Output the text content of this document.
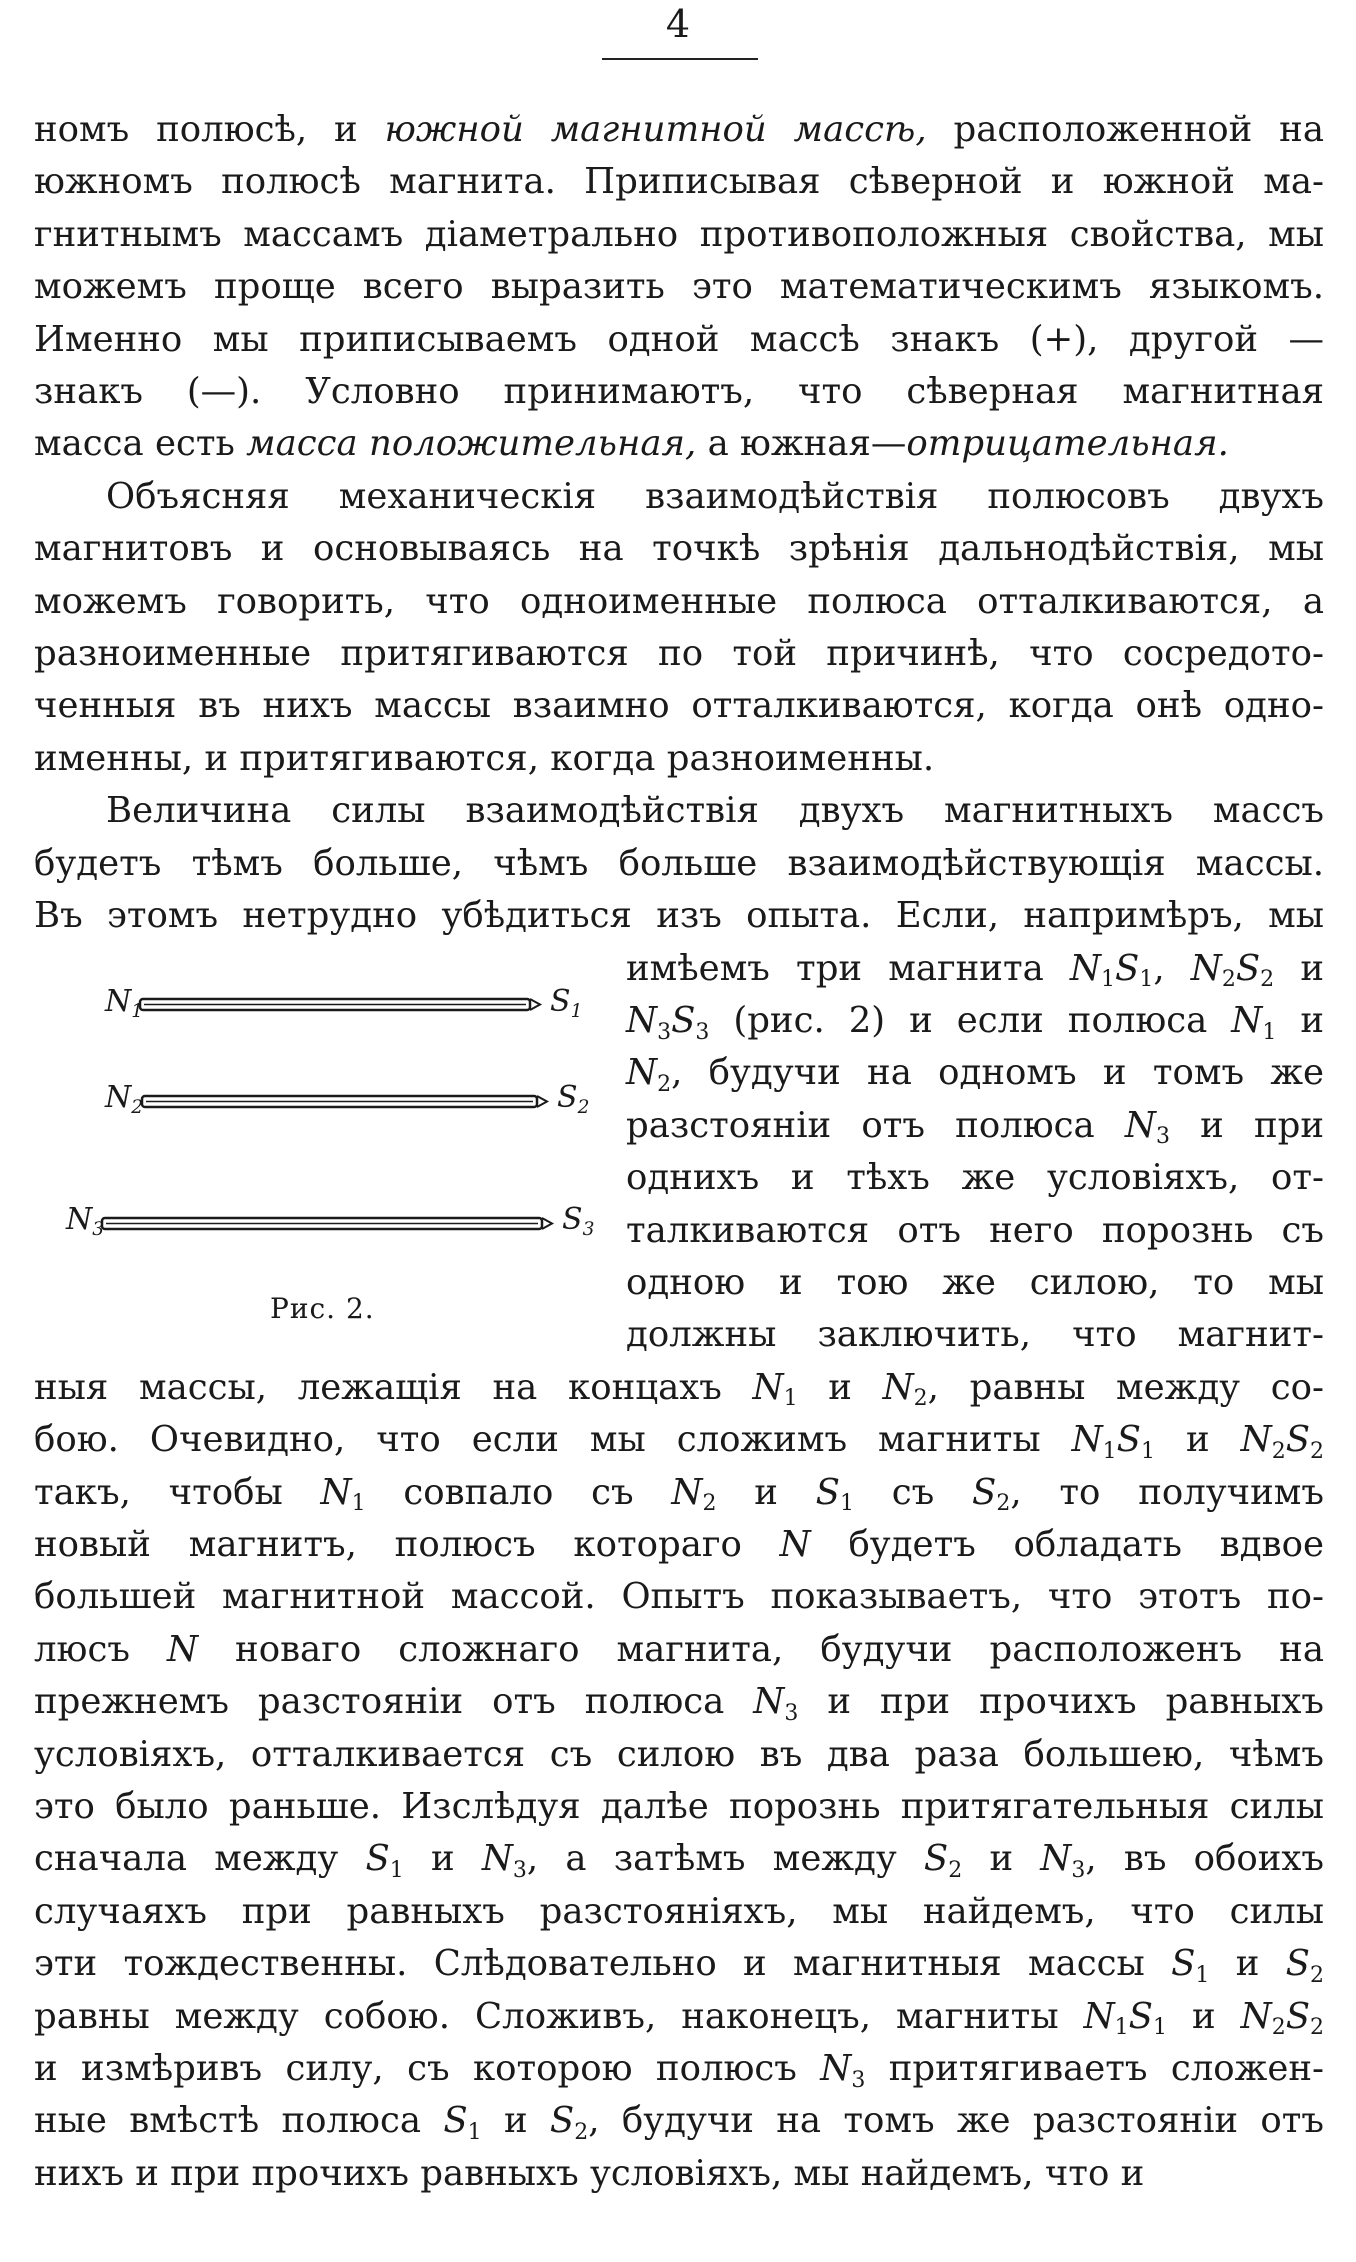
4
номъ полюсѣ, и южной магнитной массѣ, расположенной на
южномъ полюсѣ магнита. Приписывая сѣверной и южной ма-
гнитнымъ массамъ діаметрально противоположныя свойства, мы
можемъ проще всего выразить это математическимъ языкомъ.
Именно мы приписываемъ одной массѣ знакъ (+), другой —
знакъ (—). Условно принимаютъ, что сѣверная магнитная
масса есть масса положительная, а южная—отрицательная.
Объясняя механическія взаимодѣйствія полюсовъ двухъ
магнитовъ и основываясь на точкѣ зрѣнія дальнодѣйствія, мы
можемъ говорить, что одноименные полюса отталкиваются, а
разноименные притягиваются по той причинѣ, что сосредото-
ченныя въ нихъ массы взаимно отталкиваются, когда онѣ одно-
именны, и притягиваются, когда разноименны.
Величина силы взаимодѣйствія двухъ магнитныхъ массъ
будетъ тѣмъ больше, чѣмъ больше взаимодѣйствующія массы.
Въ этомъ нетрудно убѣдиться изъ опыта. Если, напримѣръ, мы
имѣемъ три магнита $N_1S_1$, $N_2S_2$ и
$N_3S_3$ (рис. 2) и если полюса $N_1$ и
$N_2$, будучи на одномъ и томъ же
разстояніи отъ полюса $N_3$ и при
однихъ и тѣхъ же условіяхъ, от-
талкиваются отъ него порознь съ
одною и тою же силою, то мы
должны заключить, что магнит-
ныя массы, лежащія на концахъ $N_1$ и $N_2$, равны между со-
бою. Очевидно, что если мы сложимъ магниты $N_1S_1$ и $N_2S_2$
такъ, чтобы $N_1$ совпало съ $N_2$ и $S_1$ съ $S_2$, то получимъ
новый магнитъ, полюсъ котораго N будетъ обладать вдвое
большей магнитной массой. Опытъ показываетъ, что этотъ по-
люсъ N новаго сложнаго магнита, будучи расположенъ на
прежнемъ разстояніи отъ полюса $N_3$ и при прочихъ равныхъ
условіяхъ, отталкивается съ силою въ два раза большею, чѣмъ
это было раньше. Изслѣдуя далѣе порознь притягательныя силы
сначала между $S_1$ и $N_3$, а затѣмъ между $S_2$ и $N_3$, въ обоихъ
случаяхъ при равныхъ разстояніяхъ, мы найдемъ, что силы
эти тождественны. Слѣдовательно и магнитныя массы $S_1$ и $S_2$
равны между собою. Сложивъ, наконецъ, магниты $N_1S_1$ и $N_2S_2$
и измѣривъ силу, съ которою полюсъ $N_3$ притягиваетъ сложен-
ные вмѣстѣ полюса $S_1$ и $S_2$, будучи на томъ же разстояніи отъ
нихъ и при прочихъ равныхъ условіяхъ, мы найдемъ, что и
$N_1$	$S_1$
$N_2$	$S_2$
$N_3$	$S_3$
Рис. 2.
